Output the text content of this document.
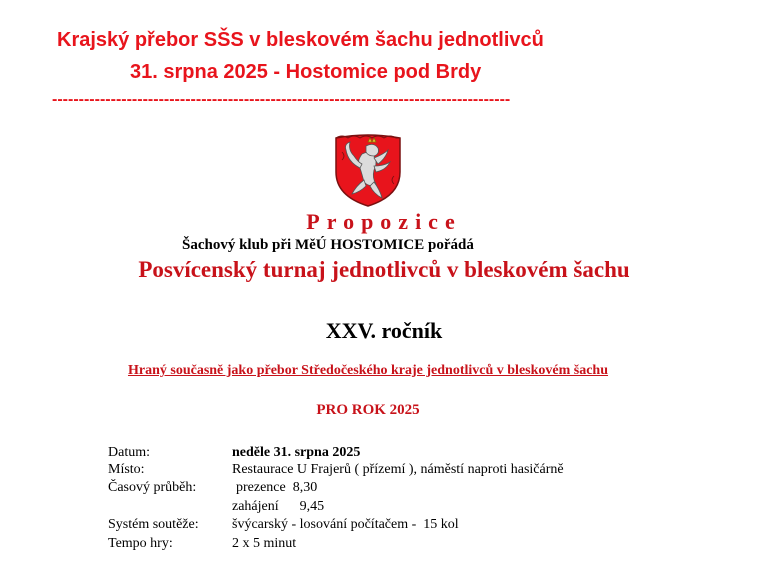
Krajský přebor SŠS v bleskovém šachu jednotlivců
31. srpna 2025 - Hostomice pod Brdy
--------------------------------------------------------------------------------------
Propozice
Šachový klub při MěÚ HOSTOMICE pořádá
Posvícenský turnaj jednotlivců v bleskovém šachu
XXV. ročník
Hraný současně jako přebor Středočeského kraje jednotlivců v bleskovém šachu
PRO ROK 2025
Datum:	neděle 31. srpna 2025
Místo:	Restaurace U Frajerů ( přízemí ), náměstí naproti hasičárně
Časový průběh:	prezence  8,30
zahájení      9,45
Systém soutěže: švýcarský - losování počítačem -  15 kol
Tempo hry:	2 x 5 minut
